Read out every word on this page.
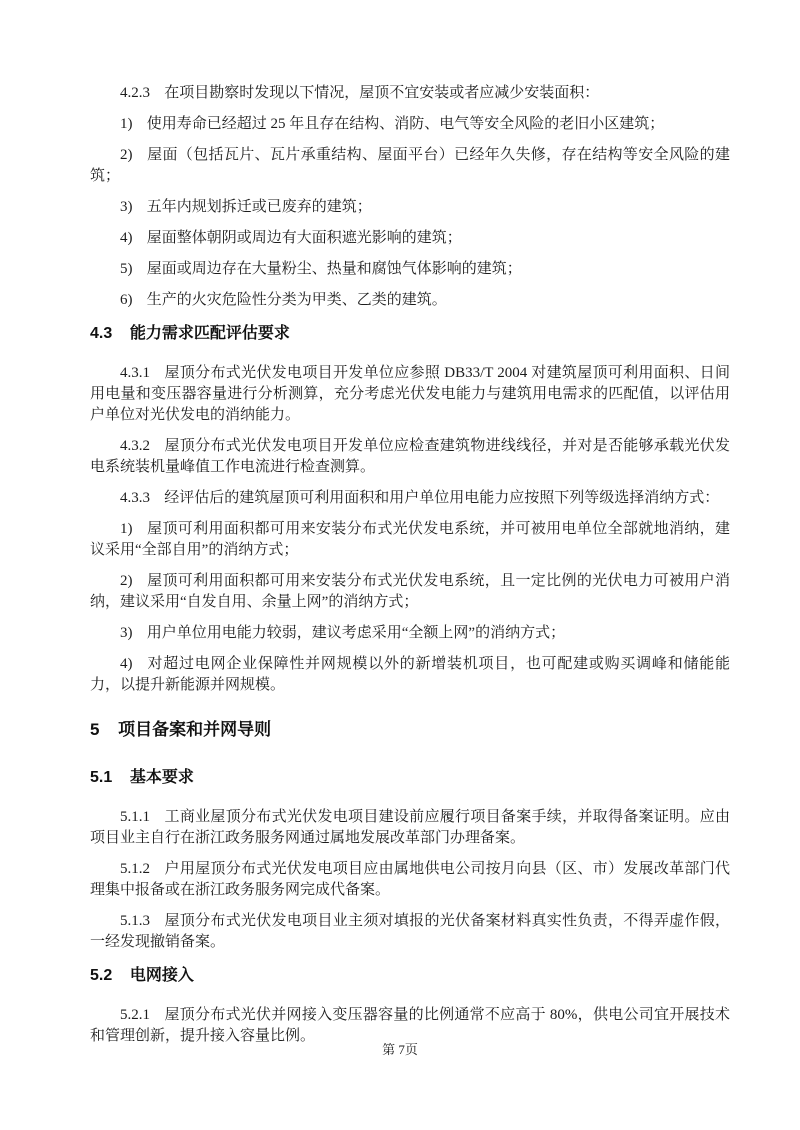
4.2.3 在项目勘察时发现以下情况，屋顶不宜安装或者应减少安装面积：

1) 使用寿命已经超过 25 年且存在结构、消防、电气等安全风险的老旧小区建筑；

2) 屋面（包括瓦片、瓦片承重结构、屋面平台）已经年久失修，存在结构等安全风险的建筑；

3) 五年内规划拆迁或已废弃的建筑；

4) 屋面整体朝阴或周边有大面积遮光影响的建筑；

5) 屋面或周边存在大量粉尘、热量和腐蚀气体影响的建筑；

6) 生产的火灾危险性分类为甲类、乙类的建筑。

4.3 能力需求匹配评估要求

4.3.1 屋顶分布式光伏发电项目开发单位应参照 DB33/T 2004 对建筑屋顶可利用面积、日间用电量和变压器容量进行分析测算，充分考虑光伏发电能力与建筑用电需求的匹配值，以评估用户单位对光伏发电的消纳能力。

4.3.2 屋顶分布式光伏发电项目开发单位应检查建筑物进线线径，并对是否能够承载光伏发电系统装机量峰值工作电流进行检查测算。

4.3.3 经评估后的建筑屋顶可利用面积和用户单位用电能力应按照下列等级选择消纳方式：

1) 屋顶可利用面积都可用来安装分布式光伏发电系统，并可被用电单位全部就地消纳，建议采用“全部自用”的消纳方式；

2) 屋顶可利用面积都可用来安装分布式光伏发电系统，且一定比例的光伏电力可被用户消纳，建议采用“自发自用、余量上网”的消纳方式；

3) 用户单位用电能力较弱，建议考虑采用“全额上网”的消纳方式；

4) 对超过电网企业保障性并网规模以外的新增装机项目，也可配建或购买调峰和储能能力，以提升新能源并网规模。

5 项目备案和并网导则
5.1 基本要求

5.1.1 工商业屋顶分布式光伏发电项目建设前应履行项目备案手续，并取得备案证明。应由项目业主自行在浙江政务服务网通过属地发展改革部门办理备案。

5.1.2 户用屋顶分布式光伏发电项目应由属地供电公司按月向县（区、市）发展改革部门代理集中报备或在浙江政务服务网完成代备案。

5.1.3 屋顶分布式光伏发电项目业主须对填报的光伏备案材料真实性负责，不得弄虚作假，一经发现撤销备案。

5.2 电网接入

5.2.1 屋顶分布式光伏并网接入变压器容量的比例通常不应高于 80%，供电公司宜开展技术和管理创新，提升接入容量比例。

第 7页
